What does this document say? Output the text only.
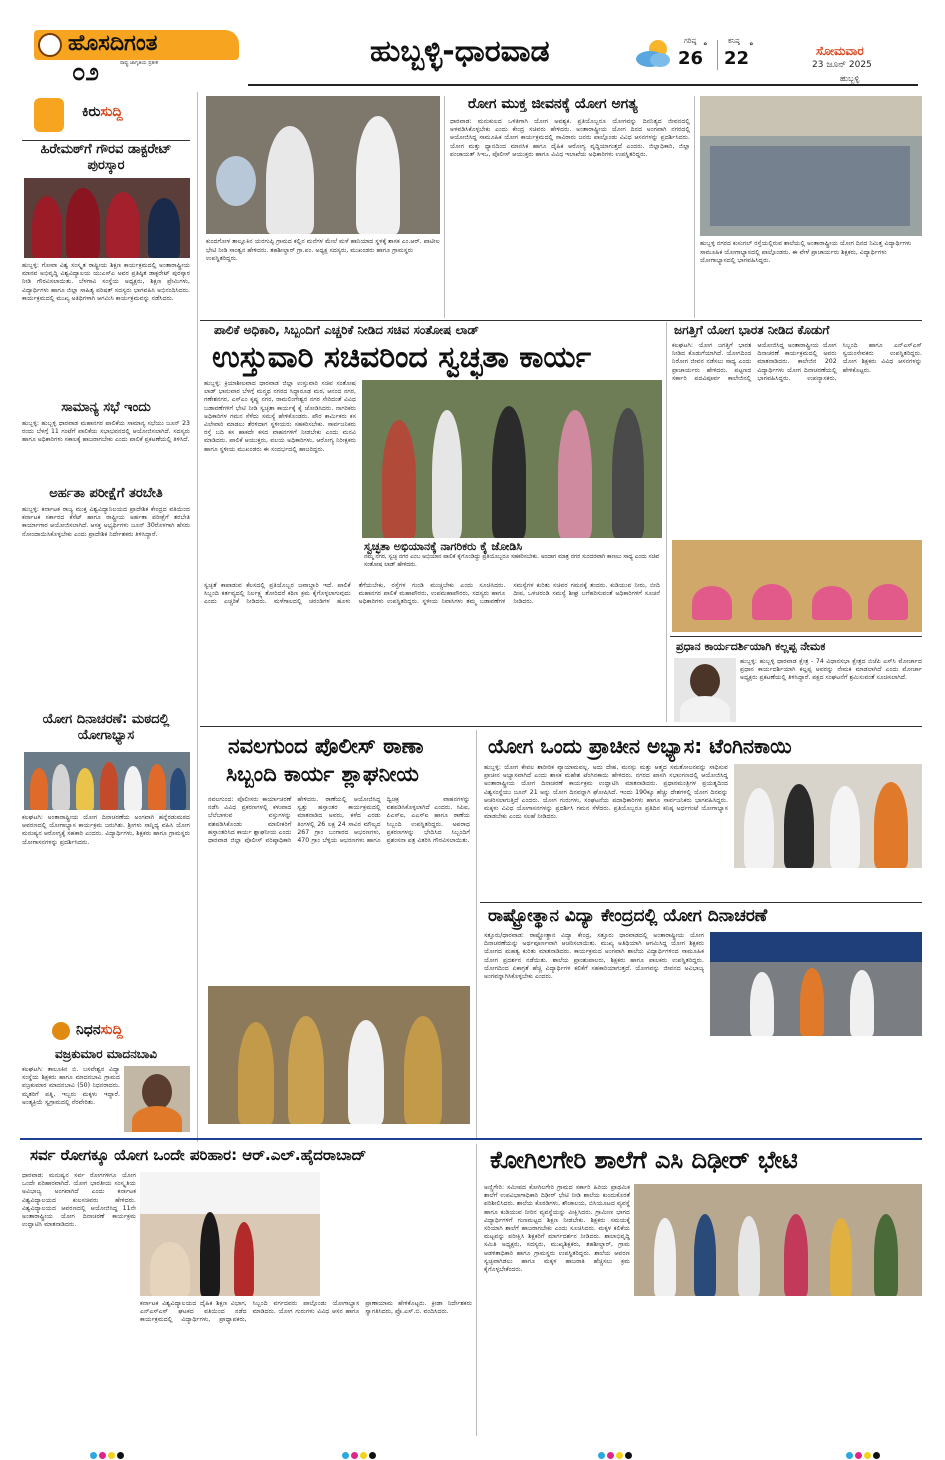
ಹೊಸದಿಗಂತ
೦೨	ರಾಷ್ಟ್ರ ಜಾಗೃತಿಯ ಪ್ರತೀಕ	ಹುಬ್ಬಳ್ಳಿ-ಧಾರವಾಡ	ಗರಿಷ್ಠ
26
°
ಕನಿಷ್ಠ
22
°	ಸೋಮವಾರ
23 ಜೂನ್ 2025
ಹುಬ್ಬಳ್ಳಿ
ಕಿರುಸುದ್ದಿ
ಹಿರೇಮಠ್‌ಗೆ ಗೌರವ ಡಾಕ್ಟರೇಟ್ ಪುರಸ್ಕಾರ
ಹುಬ್ಬಳ್ಳಿ: ಗೋವಾ ವಿಶ್ವ ಸಂಸ್ಕೃತ ರಾಷ್ಟ್ರೀಯ ಶಿಕ್ಷಣ ಕಾರ್ಯಕ್ರಮದಲ್ಲಿ ಅಂತಾರಾಷ್ಟ್ರೀಯ ಮಾನವ ಅಭಿವೃದ್ಧಿ ವಿಶ್ವವಿದ್ಯಾಲಯ ಯುಎಸ್‌ಎ ಅವರ ಪ್ರತಿಷ್ಠಿತ ಡಾಕ್ಟರೇಟ್ ಪುರಸ್ಕಾರ ನೀಡಿ ಗೌರವಿಸಲಾಯಿತು. ಬೆಳಗಾವಿ ಸಂಸ್ಥೆಯ ಅಧ್ಯಕ್ಷರು, ಶಿಕ್ಷಣ ಪ್ರೇಮಿಗಳು, ವಿದ್ಯಾರ್ಥಿಗಳು ಹಾಗೂ ಜಿಲ್ಲಾ ಸಾಹಿತ್ಯ ಪರಿಷತ್ ಸದಸ್ಯರು ಭಾಗವಹಿಸಿ ಅಭಿನಂದಿಸಿದರು. ಕಾರ್ಯಕ್ರಮದಲ್ಲಿ ಮುಖ್ಯ ಅತಿಥಿಗಳಾಗಿ ಆಗಮಿಸಿ ಕಾರ್ಯಕ್ರಮವನ್ನು ನಡೆಸಿದರು.
ಸಾಮಾನ್ಯ ಸಭೆ ಇಂದು
ಹುಬ್ಬಳ್ಳಿ: ಹುಬ್ಬಳ್ಳಿ ಧಾರವಾಡ ಮಹಾನಗರ ಪಾಲಿಕೆಯ ಸಾಮಾನ್ಯ ಸಭೆಯು ಜೂನ್ 23 ರಂದು ಬೆಳಗ್ಗೆ 11 ಗಂಟೆಗೆ ಪಾಲಿಕೆಯ ಸಭಾಭವನದಲ್ಲಿ ಆಯೋಜಿಸಲಾಗಿದೆ. ಸದಸ್ಯರು ಹಾಗೂ ಅಧಿಕಾರಿಗಳು ಸಕಾಲಕ್ಕೆ ಹಾಜರಾಗಬೇಕು ಎಂದು ಪಾಲಿಕೆ ಪ್ರಕಟಣೆಯಲ್ಲಿ ತಿಳಿಸಿದೆ.
ಅರ್ಹತಾ ಪರೀಕ್ಷೆಗೆ ತರಬೇತಿ
ಹುಬ್ಬಳ್ಳಿ: ಕರ್ನಾಟಕ ರಾಜ್ಯ ಮುಕ್ತ ವಿಶ್ವವಿದ್ಯಾನಿಲಯದ ಪ್ರಾದೇಶಿಕ ಕೇಂದ್ರದ ವತಿಯಿಂದ ಕರ್ನಾಟಕ ಸರ್ಕಾರದ ಕೆಸೆಟ್ ಹಾಗೂ ರಾಷ್ಟ್ರೀಯ ಅರ್ಹತಾ ಪರೀಕ್ಷೆಗೆ ತರಬೇತಿ ಕಾರ್ಯಾಗಾರ ಆಯೋಜಿಸಲಾಗಿದೆ. ಆಸಕ್ತ ಅಭ್ಯರ್ಥಿಗಳು ಜೂನ್ 30ರೊಳಗಾಗಿ ಹೆಸರು ನೋಂದಾಯಿಸಿಕೊಳ್ಳಬೇಕು ಎಂದು ಪ್ರಾದೇಶಿಕ ನಿರ್ದೇಶಕರು ತಿಳಿಸಿದ್ದಾರೆ.
ಯೋಗ ದಿನಾಚರಣೆ: ಮಠದಲ್ಲಿ ಯೋಗಾಭ್ಯಾಸ
ಕಲಘಟಗಿ: ಅಂತಾರಾಷ್ಟ್ರೀಯ ಯೋಗ ದಿನಾಚರಣೆಯ ಅಂಗವಾಗಿ ಹನ್ನೆರಡುಮಠದ ಆವರಣದಲ್ಲಿ ಯೋಗಾಭ್ಯಾಸ ಕಾರ್ಯಕ್ರಮ ಜರುಗಿತು. ಶ್ರೀಗಳು ಸಾನ್ನಿಧ್ಯ ವಹಿಸಿ ಯೋಗ ಮನುಷ್ಯನ ಆರೋಗ್ಯಕ್ಕೆ ಸಹಕಾರಿ ಎಂದರು. ವಿದ್ಯಾರ್ಥಿಗಳು, ಶಿಕ್ಷಕರು ಹಾಗೂ ಗ್ರಾಮಸ್ಥರು ಯೋಗಾಸನಗಳನ್ನು ಪ್ರದರ್ಶಿಸಿದರು.
ನಿಧನಸುದ್ದಿ
ವಜ್ರಕುಮಾರ ಮಾದನಬಾವಿ
ಕಲಘಟಗಿ: ತಾಲೂಕಿನ ಬಿ. ಬಸವೇಶ್ವರ ವಿದ್ಯಾ ಸಂಸ್ಥೆಯ ಶಿಕ್ಷಕರು ಹಾಗೂ ಮಾದನಬಾವಿ ಗ್ರಾಮದ ವಜ್ರಕುಮಾರ ಮಾದನಬಾವಿ (50) ನಿಧನರಾದರು. ಮೃತರಿಗೆ ಪತ್ನಿ, ಇಬ್ಬರು ಮಕ್ಕಳು ಇದ್ದಾರೆ. ಅಂತ್ಯಕ್ರಿಯೆ ಸ್ವಗ್ರಾಮದಲ್ಲಿ ನೆರವೇರಿತು.
ಕುಂದಗೋಳ ತಾಲ್ಲೂಕಿನ ಯರಗುಪ್ಪಿ ಗ್ರಾಮದ ಕಲ್ಲಿನ ಮನೆಗಳ ಮೇಲೆ ಮಳೆ ಹಾನಿಯಾದ ಸ್ಥಳಕ್ಕೆ ಶಾಸಕ ಎಂ.ಆರ್. ಪಾಟೀಲ ಭೇಟಿ ನೀಡಿ ಸಾಂತ್ವನ ಹೇಳಿದರು. ತಹಶೀಲ್ದಾರ್ ಗ್ರಾ.ಪಂ. ಅಧ್ಯಕ್ಷ ಸದಸ್ಯರು, ಮುಖಂಡರು ಹಾಗೂ ಗ್ರಾಮಸ್ಥರು ಉಪಸ್ಥಿತರಿದ್ದರು.
ರೋಗ ಮುಕ್ತ ಜೀವನಕ್ಕೆ ಯೋಗ ಅಗತ್ಯ
ಧಾರವಾಡ: ಮನುಕುಲದ ಒಳಿತಿಗಾಗಿ ಯೋಗ ಅವಶ್ಯಕ. ಪ್ರತಿಯೊಬ್ಬರೂ ಯೋಗವನ್ನು ದಿನನಿತ್ಯದ ಜೀವನದಲ್ಲಿ ಅಳವಡಿಸಿಕೊಳ್ಳಬೇಕು ಎಂದು ಕೇಂದ್ರ ಸಚಿವರು ಹೇಳಿದರು. ಅಂತಾರಾಷ್ಟ್ರೀಯ ಯೋಗ ದಿನದ ಅಂಗವಾಗಿ ನಗರದಲ್ಲಿ ಆಯೋಜಿಸಿದ್ದ ಸಾಮೂಹಿಕ ಯೋಗ ಕಾರ್ಯಕ್ರಮದಲ್ಲಿ ಸಾವಿರಾರು ಜನರು ಪಾಲ್ಗೊಂಡು ವಿವಿಧ ಆಸನಗಳನ್ನು ಪ್ರದರ್ಶಿಸಿದರು. ಯೋಗ ಮತ್ತು ಧ್ಯಾನದಿಂದ ಮಾನಸಿಕ ಹಾಗೂ ದೈಹಿಕ ಆರೋಗ್ಯ ವೃದ್ಧಿಯಾಗುತ್ತದೆ ಎಂದರು. ಜಿಲ್ಲಾಧಿಕಾರಿ, ಜಿಲ್ಲಾ ಪಂಚಾಯತ್ ಸಿಇಒ, ಪೊಲೀಸ್ ಆಯುಕ್ತರು ಹಾಗೂ ವಿವಿಧ ಇಲಾಖೆಯ ಅಧಿಕಾರಿಗಳು ಉಪಸ್ಥಿತರಿದ್ದರು.
ಹುಬ್ಬಳ್ಳಿ ನಗರದ ಕುಸುಗಲ್ ರಸ್ತೆಯಲ್ಲಿರುವ ಶಾಲೆಯಲ್ಲಿ ಅಂತಾರಾಷ್ಟ್ರೀಯ ಯೋಗ ದಿನದ ನಿಮಿತ್ತ ವಿದ್ಯಾರ್ಥಿಗಳು ಸಾಮೂಹಿಕ ಯೋಗಾಭ್ಯಾಸದಲ್ಲಿ ಪಾಲ್ಗೊಂಡರು. ಈ ವೇಳೆ ಪ್ರಾಚಾರ್ಯರು ಶಿಕ್ಷಕರು, ವಿದ್ಯಾರ್ಥಿಗಳು ಯೋಗಾಭ್ಯಾಸದಲ್ಲಿ ಭಾಗವಹಿಸಿದ್ದರು.
ಪಾಲಿಕೆ ಅಧಿಕಾರಿ, ಸಿಬ್ಬಂದಿಗೆ ಎಚ್ಚರಿಕೆ ನೀಡಿದ ಸಚಿವ ಸಂತೋಷ ಲಾಡ್
ಉಸ್ತುವಾರಿ ಸಚಿವರಿಂದ ಸ್ವಚ್ಛತಾ ಕಾರ್ಯ
ಹುಬ್ಬಳ್ಳಿ: ಕ್ರಿಯಾಶೀಲವಾದ ಧಾರವಾಡ ಜಿಲ್ಲಾ ಉಸ್ತುವಾರಿ ಸಚಿವ ಸಂತೋಷ ಲಾಡ್ ಭಾನುವಾರ ಬೆಳಗ್ಗೆ ಮನ್ಮಥ ನಗರದ ಸಿದ್ಧಾರೂಢ ಮಠ, ಆನಂದ ನಗರ, ಗಣೇಶನಗರ, ಎಸ್‌ಎಂ ಕೃಷ್ಣ ನಗರ, ರಾಮಲಿಂಗೇಶ್ವರ ನಗರ ಸೇರಿದಂತೆ ವಿವಿಧ ಬಡಾವಣೆಗಳಿಗೆ ಭೇಟಿ ನೀಡಿ ಸ್ವಚ್ಛತಾ ಕಾರ್ಯಕ್ಕೆ ಕೈ ಜೋಡಿಸಿದರು. ನಾಗರಿಕರು ಅಧಿಕಾರಿಗಳ ಗಮನ ಸೆಳೆದು ಸಮಸ್ಯೆ ಹೇಳಿಕೊಂಡರು. ಪೌರ ಕಾರ್ಮಿಕರು ಕಸ ವಿಲೇವಾರಿ ಮಾಡಲು ತೆರಳಿದಾಗ ಸ್ಥಳೀಯರು ಸಹಕರಿಸಬೇಕು. ಸಾರ್ವಜನಿಕರು ರಸ್ತೆ ಬದಿ ಕಸ ಹಾಕದೇ ಕಸದ ವಾಹನಗಳಿಗೆ ನೀಡಬೇಕು ಎಂದು ಮನವಿ ಮಾಡಿದರು. ಪಾಲಿಕೆ ಆಯುಕ್ತರು, ವಲಯ ಅಧಿಕಾರಿಗಳು, ಆರೋಗ್ಯ ನಿರೀಕ್ಷಕರು ಹಾಗೂ ಸ್ಥಳೀಯ ಮುಖಂಡರು ಈ ಸಂದರ್ಭದಲ್ಲಿ ಹಾಜರಿದ್ದರು.
ಸ್ವಚ್ಛತಾ ಅಭಿಯಾನಕ್ಕೆ ನಾಗರಿಕರು ಕೈ ಜೋಡಿಸಿ
ನಮ್ಮ ನಗರ, ಸ್ವಚ್ಛ ನಗರ ಎಂಬ ಅಭಿಯಾನ ಪಾಲಿಕೆ ಕೈಗೊಂಡಿದ್ದು ಪ್ರತಿಯೊಬ್ಬರೂ ಸಹಕರಿಸಬೇಕು. ಅಂದಾಗ ಮಾತ್ರ ನಗರ ಸುಂದರವಾಗಿ ಕಾಣಲು ಸಾಧ್ಯ ಎಂದು ಸಚಿವ ಸಂತೋಷ ಲಾಡ್ ಹೇಳಿದರು.
ಸ್ವಚ್ಛತೆ ಕಾಪಾಡುವ ಕೆಲಸದಲ್ಲಿ ಪ್ರತಿಯೊಬ್ಬರ ಜವಾಬ್ದಾರಿ ಇದೆ. ಪಾಲಿಕೆ ಸಿಬ್ಬಂದಿ ಕರ್ತವ್ಯದಲ್ಲಿ ನಿರ್ಲಕ್ಷ್ಯ ತೋರಿದರೆ ಕಠಿಣ ಕ್ರಮ ಕೈಗೊಳ್ಳಲಾಗುವುದು ಎಂದು ಎಚ್ಚರಿಕೆ ನೀಡಿದರು. ಮಳೆಗಾಲದಲ್ಲಿ ಚರಂಡಿಗಳ ಹೂಳು ತೆಗೆಯಬೇಕು, ರಸ್ತೆಗಳ ಗುಂಡಿ ಮುಚ್ಚಬೇಕು ಎಂದು ಸೂಚಿಸಿದರು. ಮಹಾನಗರ ಪಾಲಿಕೆ ಮಹಾಪೌರರು, ಉಪಮಹಾಪೌರರು, ಸದಸ್ಯರು ಹಾಗೂ ಅಧಿಕಾರಿಗಳು ಉಪಸ್ಥಿತರಿದ್ದರು. ಸ್ಥಳೀಯ ನಿವಾಸಿಗಳು ತಮ್ಮ ಬಡಾವಣೆಗಳ ಸಮಸ್ಯೆಗಳ ಕುರಿತು ಸಚಿವರ ಗಮನಕ್ಕೆ ತಂದರು. ಕುಡಿಯುವ ನೀರು, ಬೀದಿ ದೀಪ, ಒಳಚರಂಡಿ ಸಮಸ್ಯೆ ಶೀಘ್ರ ಬಗೆಹರಿಸುವಂತೆ ಅಧಿಕಾರಿಗಳಿಗೆ ಸೂಚನೆ ನೀಡಿದರು.
ಜಗತ್ತಿಗೆ ಯೋಗ ಭಾರತ ನೀಡಿದ ಕೊಡುಗೆ
ಕಲಘಟಗಿ: ಯೋಗ ಜಗತ್ತಿಗೆ ಭಾರತ ನೀಡಿದ ಕೊಡುಗೆಯಾಗಿದೆ. ಯೋಗದಿಂದ ನಿರೋಗ ಜೀವನ ನಡೆಸಲು ಸಾಧ್ಯ ಎಂದು ಪ್ರಾಚಾರ್ಯರು ಹೇಳಿದರು. ಪಟ್ಟಣದ ಸರ್ಕಾರಿ ಪದವಿಪೂರ್ವ ಕಾಲೇಜಿನಲ್ಲಿ ಆಯೋಜಿಸಿದ್ದ ಅಂತಾರಾಷ್ಟ್ರೀಯ ಯೋಗ ದಿನಾಚರಣೆ ಕಾರ್ಯಕ್ರಮದಲ್ಲಿ ಅವರು ಮಾತನಾಡಿದರು. ಕಾಲೇಜಿನ 202 ವಿದ್ಯಾರ್ಥಿಗಳು ಯೋಗ ದಿನಾಚರಣೆಯಲ್ಲಿ ಭಾಗವಹಿಸಿದ್ದರು. ಉಪನ್ಯಾಸಕರು, ಸಿಬ್ಬಂದಿ ಹಾಗೂ ಎನ್‌ಎಸ್‌ಎಸ್ ಸ್ವಯಂಸೇವಕರು ಉಪಸ್ಥಿತರಿದ್ದರು. ಯೋಗ ಶಿಕ್ಷಕರು ವಿವಿಧ ಆಸನಗಳನ್ನು ಹೇಳಿಕೊಟ್ಟರು.
ಪ್ರಧಾನ ಕಾರ್ಯದರ್ಶಿಯಾಗಿ ಕಲ್ಲಪ್ಪ ನೇಮಕ
ಹುಬ್ಬಳ್ಳಿ: ಹುಬ್ಬಳ್ಳಿ ಧಾರವಾಡ ಕ್ಷೇತ್ರ - 74 ವಿಧಾನಸಭಾ ಕ್ಷೇತ್ರದ ಬಿಜೆಪಿ ಎಸ್‌ಸಿ ಮೋರ್ಚಾದ ಪ್ರಧಾನ ಕಾರ್ಯದರ್ಶಿಯಾಗಿ ಕಲ್ಲಪ್ಪ ಅವರನ್ನು ನೇಮಕ ಮಾಡಲಾಗಿದೆ ಎಂದು ಮೋರ್ಚಾ ಅಧ್ಯಕ್ಷರು ಪ್ರಕಟಣೆಯಲ್ಲಿ ತಿಳಿಸಿದ್ದಾರೆ. ಪಕ್ಷದ ಸಂಘಟನೆಗೆ ಶ್ರಮಿಸುವಂತೆ ಸೂಚಿಸಲಾಗಿದೆ.
ನವಲಗುಂದ ಪೊಲೀಸ್ ಠಾಣಾ
ಸಿಬ್ಬಂದಿ ಕಾರ್ಯ ಶ್ಲಾಘನೀಯ
ನವಲಗುಂದ: ಪೊಲೀಸರು ಕಾರ್ಯಾಚರಣೆ ನಡೆಸಿ ವಿವಿಧ ಪ್ರಕರಣಗಳಲ್ಲಿ ಕಳುವಾದ ಬೆಲೆಬಾಳುವ ವಸ್ತುಗಳನ್ನು ವಶಪಡಿಸಿಕೊಂಡು ಮಾಲೀಕರಿಗೆ ಹಸ್ತಾಂತರಿಸಿದ ಕಾರ್ಯ ಶ್ಲಾಘನೀಯ ಎಂದು ಧಾರವಾಡ ಜಿಲ್ಲಾ ಪೊಲೀಸ್ ವರಿಷ್ಠಾಧಿಕಾರಿ ಹೇಳಿದರು. ಠಾಣೆಯಲ್ಲಿ ಆಯೋಜಿಸಿದ್ದ ಸ್ವತ್ತು ಹಸ್ತಾಂತರ ಕಾರ್ಯಕ್ರಮದಲ್ಲಿ ಮಾತನಾಡಿದ ಅವರು, ಕಳೆದ ಎರಡು ತಿಂಗಳಲ್ಲಿ 26 ಲಕ್ಷ 24 ಸಾವಿರ ಮೌಲ್ಯದ 267 ಗ್ರಾಂ ಬಂಗಾರದ ಆಭರಣಗಳು, 470 ಗ್ರಾಂ ಬೆಳ್ಳಿಯ ಆಭರಣಗಳು ಹಾಗೂ ದ್ವಿಚಕ್ರ ವಾಹನಗಳನ್ನು ವಶಪಡಿಸಿಕೊಳ್ಳಲಾಗಿದೆ ಎಂದರು. ಸಿಪಿಐ, ಪಿಎಸ್‌ಐ, ಎಎಸ್‌ಐ ಹಾಗೂ ಠಾಣೆಯ ಸಿಬ್ಬಂದಿ ಉಪಸ್ಥಿತರಿದ್ದರು. ಅಪರಾಧ ಪ್ರಕರಣಗಳನ್ನು ಭೇದಿಸಿದ ಸಿಬ್ಬಂದಿಗೆ ಪ್ರಶಂಸನಾ ಪತ್ರ ವಿತರಿಸಿ ಗೌರವಿಸಲಾಯಿತು.
ಯೋಗ ಒಂದು ಪ್ರಾಚೀನ ಅಭ್ಯಾಸ: ಟೆಂಗಿನಕಾಯಿ
ಹುಬ್ಬಳ್ಳಿ: ಯೋಗ ಕೇವಲ ಶಾರೀರಿಕ ವ್ಯಾಯಾಮವಲ್ಲ. ಅದು ದೇಹ, ಮನಸ್ಸು ಮತ್ತು ಆತ್ಮದ ಸಮತೋಲನವನ್ನು ಸಾಧಿಸುವ ಪ್ರಾಚೀನ ಅಭ್ಯಾಸವಾಗಿದೆ ಎಂದು ಶಾಸಕ ಮಹೇಶ ಟೆಂಗಿನಕಾಯಿ ಹೇಳಿದರು. ನಗರದ ಖಾಸಗಿ ಸಭಾಂಗಣದಲ್ಲಿ ಆಯೋಜಿಸಿದ್ದ ಅಂತಾರಾಷ್ಟ್ರೀಯ ಯೋಗ ದಿನಾಚರಣೆ ಕಾರ್ಯಕ್ರಮ ಉದ್ಘಾಟಿಸಿ ಮಾತನಾಡಿದರು. ಪ್ರಧಾನಮಂತ್ರಿಗಳ ಪ್ರಯತ್ನದಿಂದ ವಿಶ್ವಸಂಸ್ಥೆಯು ಜೂನ್ 21 ಅನ್ನು ಯೋಗ ದಿನವನ್ನಾಗಿ ಘೋಷಿಸಿದೆ. ಇಂದು 190ಕ್ಕೂ ಹೆಚ್ಚು ದೇಶಗಳಲ್ಲಿ ಯೋಗ ದಿನವನ್ನು ಆಚರಿಸಲಾಗುತ್ತಿದೆ ಎಂದರು. ಯೋಗ ಗುರುಗಳು, ಸಂಘಟನೆಯ ಪದಾಧಿಕಾರಿಗಳು ಹಾಗೂ ಸಾರ್ವಜನಿಕರು ಭಾಗವಹಿಸಿದ್ದರು. ಮಕ್ಕಳು ವಿವಿಧ ಯೋಗಾಸನಗಳನ್ನು ಪ್ರದರ್ಶಿಸಿ ಗಮನ ಸೆಳೆದರು. ಪ್ರತಿಯೊಬ್ಬರೂ ಪ್ರತಿದಿನ ಕನಿಷ್ಠ ಅರ್ಧಗಂಟೆ ಯೋಗಾಭ್ಯಾಸ ಮಾಡಬೇಕು ಎಂದು ಸಲಹೆ ನೀಡಿದರು.
ರಾಷ್ಟ್ರೋತ್ಥಾನ ವಿದ್ಯಾ ಕೇಂದ್ರದಲ್ಲಿ ಯೋಗ ದಿನಾಚರಣೆ
ಸತ್ತೂರು/ಧಾರವಾಡ: ರಾಷ್ಟ್ರೋತ್ಥಾನ ವಿದ್ಯಾ ಕೇಂದ್ರ, ಸತ್ತೂರು ಧಾರವಾಡದಲ್ಲಿ ಅಂತಾರಾಷ್ಟ್ರೀಯ ಯೋಗ ದಿನಾಚರಣೆಯನ್ನು ಅರ್ಥಪೂರ್ಣವಾಗಿ ಆಚರಿಸಲಾಯಿತು. ಮುಖ್ಯ ಅತಿಥಿಯಾಗಿ ಆಗಮಿಸಿದ್ದ ಯೋಗ ಶಿಕ್ಷಕರು ಯೋಗದ ಮಹತ್ವ ಕುರಿತು ಮಾತನಾಡಿದರು. ಕಾರ್ಯಕ್ರಮದ ಅಂಗವಾಗಿ ಶಾಲೆಯ ವಿದ್ಯಾರ್ಥಿಗಳಿಂದ ಸಾಮೂಹಿಕ ಯೋಗ ಪ್ರದರ್ಶನ ನಡೆಯಿತು. ಶಾಲೆಯ ಪ್ರಾಂಶುಪಾಲರು, ಶಿಕ್ಷಕರು ಹಾಗೂ ಪಾಲಕರು ಉಪಸ್ಥಿತರಿದ್ದರು. ಯೋಗದಿಂದ ಏಕಾಗ್ರತೆ ಹೆಚ್ಚಿ ವಿದ್ಯಾರ್ಥಿಗಳ ಕಲಿಕೆಗೆ ಸಹಕಾರಿಯಾಗುತ್ತದೆ. ಯೋಗವನ್ನು ಜೀವನದ ಅವಿಭಾಜ್ಯ ಅಂಗವನ್ನಾಗಿಸಿಕೊಳ್ಳಬೇಕು ಎಂದರು.
ಸರ್ವ ರೋಗಕ್ಕೂ ಯೋಗ ಒಂದೇ ಪರಿಹಾರ: ಆರ್.ಎಲ್.ಹೈದರಾಬಾದ್
ಧಾರವಾಡ: ಮನುಷ್ಯನ ಸರ್ವ ರೋಗಗಳಿಗೂ ಯೋಗ ಒಂದೇ ಪರಿಹಾರವಾಗಿದೆ. ಯೋಗ ಭಾರತೀಯ ಸಂಸ್ಕೃತಿಯ ಅವಿಭಾಜ್ಯ ಅಂಗವಾಗಿದೆ ಎಂದು ಕರ್ನಾಟಕ ವಿಶ್ವವಿದ್ಯಾಲಯದ ಕುಲಸಚಿವರು ಹೇಳಿದರು. ವಿಶ್ವವಿದ್ಯಾಲಯದ ಆವರಣದಲ್ಲಿ ಆಯೋಜಿಸಿದ್ದ 11ನೇ ಅಂತಾರಾಷ್ಟ್ರೀಯ ಯೋಗ ದಿನಾಚರಣೆ ಕಾರ್ಯಕ್ರಮ ಉದ್ಘಾಟಿಸಿ ಮಾತನಾಡಿದರು.
ಕರ್ನಾಟಕ ವಿಶ್ವವಿದ್ಯಾಲಯದ ದೈಹಿಕ ಶಿಕ್ಷಣ ವಿಭಾಗ, ಎನ್‌ಎಸ್‌ಎಸ್ ಘಟಕದ ವತಿಯಿಂದ ನಡೆದ ಕಾರ್ಯಕ್ರಮದಲ್ಲಿ ವಿದ್ಯಾರ್ಥಿಗಳು, ಪ್ರಾಧ್ಯಾಪಕರು, ಸಿಬ್ಬಂದಿ ವರ್ಗದವರು ಪಾಲ್ಗೊಂಡು ಯೋಗಾಭ್ಯಾಸ ಮಾಡಿದರು. ಯೋಗ ಗುರುಗಳು ವಿವಿಧ ಆಸನ ಹಾಗೂ ಪ್ರಾಣಾಯಾಮ ಹೇಳಿಕೊಟ್ಟರು. ಕ್ರೀಡಾ ನಿರ್ದೇಶಕರು ಸ್ವಾಗತಿಸಿದರು, ಪ್ರೊ.ಎಸ್.ಬಿ. ವಂದಿಸಿದರು.
ಕೋಗಿಲಗೇರಿ ಶಾಲೆಗೆ ಎಸಿ ದಿಢೀರ್ ಭೇಟಿ
ಅಣ್ಣಿಗೇರಿ: ಸಮೀಪದ ಕೋಗಿಲಗೇರಿ ಗ್ರಾಮದ ಸರ್ಕಾರಿ ಹಿರಿಯ ಪ್ರಾಥಮಿಕ ಶಾಲೆಗೆ ಉಪವಿಭಾಗಾಧಿಕಾರಿ ದಿಢೀರ್ ಭೇಟಿ ನೀಡಿ ಶಾಲೆಯ ಕುಂದುಕೊರತೆ ಪರಿಶೀಲಿಸಿದರು. ಶಾಲೆಯ ಕೊಠಡಿಗಳು, ಶೌಚಾಲಯ, ಬಿಸಿಯೂಟದ ವ್ಯವಸ್ಥೆ ಹಾಗೂ ಕುಡಿಯುವ ನೀರಿನ ವ್ಯವಸ್ಥೆಯನ್ನು ವೀಕ್ಷಿಸಿದರು. ಗ್ರಾಮೀಣ ಭಾಗದ ವಿದ್ಯಾರ್ಥಿಗಳಿಗೆ ಗುಣಮಟ್ಟದ ಶಿಕ್ಷಣ ನೀಡಬೇಕು. ಶಿಕ್ಷಕರು ಸಮಯಕ್ಕೆ ಸರಿಯಾಗಿ ಶಾಲೆಗೆ ಹಾಜರಾಗಬೇಕು ಎಂದು ಸೂಚಿಸಿದರು. ಮಕ್ಕಳ ಕಲಿಕೆಯ ಮಟ್ಟವನ್ನು ಪರೀಕ್ಷಿಸಿ ಶಿಕ್ಷಕರಿಗೆ ಮಾರ್ಗದರ್ಶನ ನೀಡಿದರು. ಶಾಲಾಭಿವೃದ್ಧಿ ಸಮಿತಿ ಅಧ್ಯಕ್ಷರು, ಸದಸ್ಯರು, ಮುಖ್ಯಶಿಕ್ಷಕರು, ತಹಶೀಲ್ದಾರ್, ಗ್ರಾಮ ಆಡಳಿತಾಧಿಕಾರಿ ಹಾಗೂ ಗ್ರಾಮಸ್ಥರು ಉಪಸ್ಥಿತರಿದ್ದರು. ಶಾಲೆಯ ಆವರಣ ಸ್ವಚ್ಛವಾಗಿಡಲು ಹಾಗೂ ಮಕ್ಕಳ ಹಾಜರಾತಿ ಹೆಚ್ಚಿಸಲು ಕ್ರಮ ಕೈಗೊಳ್ಳಬೇಕೆಂದರು.
